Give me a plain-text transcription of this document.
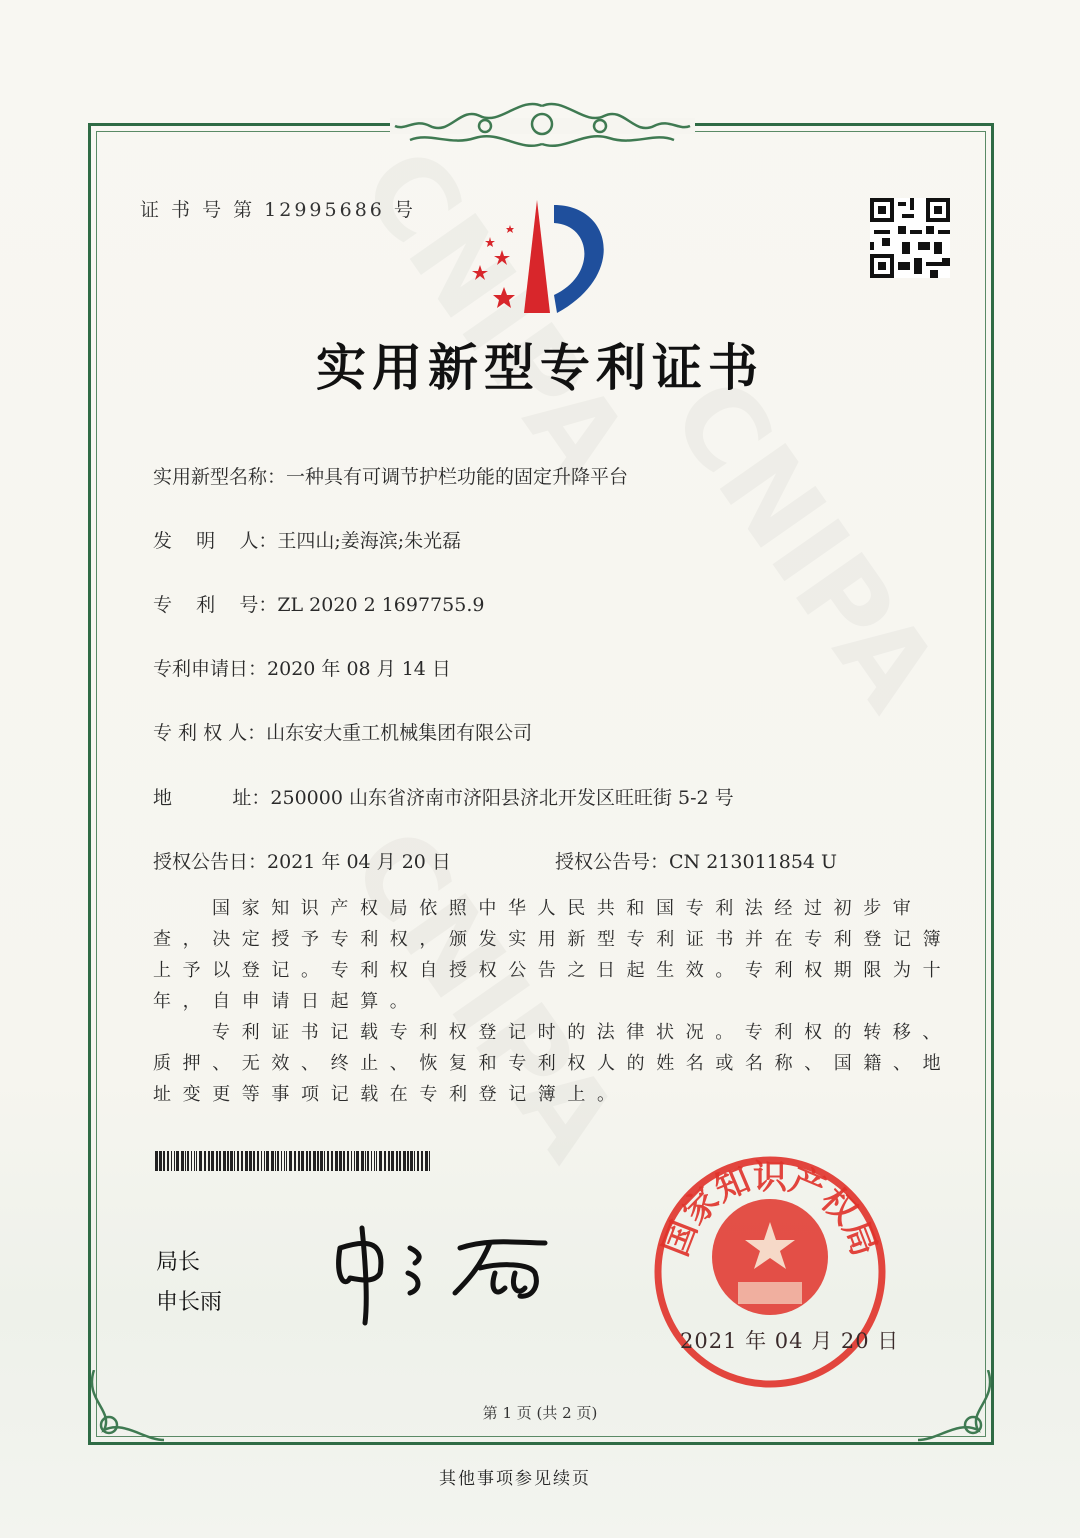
证 书 号 第 12995686 号
实用新型专利证书
实用新型名称：一种具有可调节护栏功能的固定升降平台
发    明    人：王四山;姜海滨;朱光磊
专    利    号：ZL 2020 2 1697755.9
专利申请日：2020 年 08 月 14 日
专 利 权 人：山东安大重工机械集团有限公司
地          址：250000 山东省济南市济阳县济北开发区旺旺街 5-2 号
授权公告日：2021 年 04 月 20 日	授权公告号：CN 213011854 U

国家知识产权局依照中华人民共和国专利法经过初步审查，决定授予专利权，颁发实用新型专利证书并在专利登记簿上予以登记。专利权自授权公告之日起生效。专利权期限为十年，自申请日起算。

专利证书记载专利权登记时的法律状况。专利权的转移、质押、无效、终止、恢复和专利权人的姓名或名称、国籍、地址变更等事项记载在专利登记簿上。

局长
申长雨
国家知识产权局
2021 年 04 月 20 日
第 1 页 (共 2 页)
其他事项参见续页
